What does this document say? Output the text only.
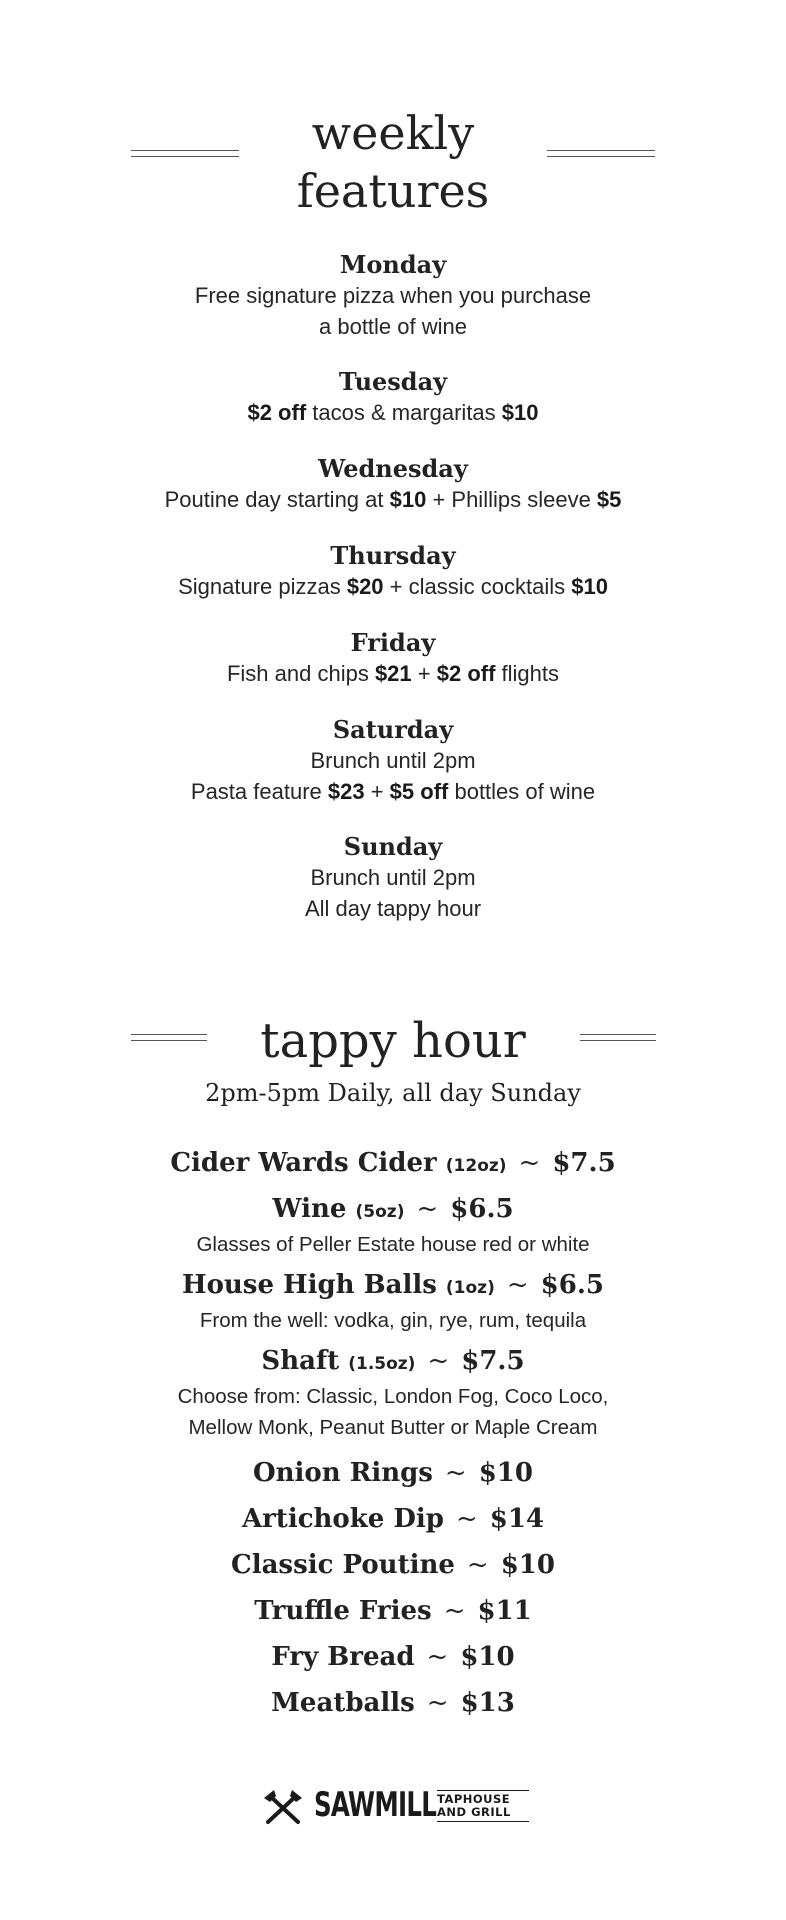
weekly
features
Monday
Free signature pizza when you purchase
a bottle of wine
Tuesday
$2 off tacos & margaritas $10
Wednesday
Poutine day starting at $10 + Phillips sleeve $5
Thursday
Signature pizzas $20 + classic cocktails $10
Friday
Fish and chips $21 + $2 off flights
Saturday
Brunch until 2pm
Pasta feature $23 + $5 off bottles of wine
Sunday
Brunch until 2pm
All day tappy hour
tappy hour
2pm-5pm Daily, all day Sunday
Cider Wards Cider (12oz) ~ $7.5
Wine (5oz) ~ $6.5
Glasses of Peller Estate house red or white
House High Balls (1oz) ~ $6.5
From the well: vodka, gin, rye, rum, tequila
Shaft (1.5oz) ~ $7.5
Choose from: Classic, London Fog, Coco Loco,
Mellow Monk, Peanut Butter or Maple Cream
Onion Rings ~ $10
Artichoke Dip ~ $14
Classic Poutine ~ $10
Truffle Fries ~ $11
Fry Bread ~ $10
Meatballs ~ $13
SAWMILL TAPHOUSE
AND GRILL
